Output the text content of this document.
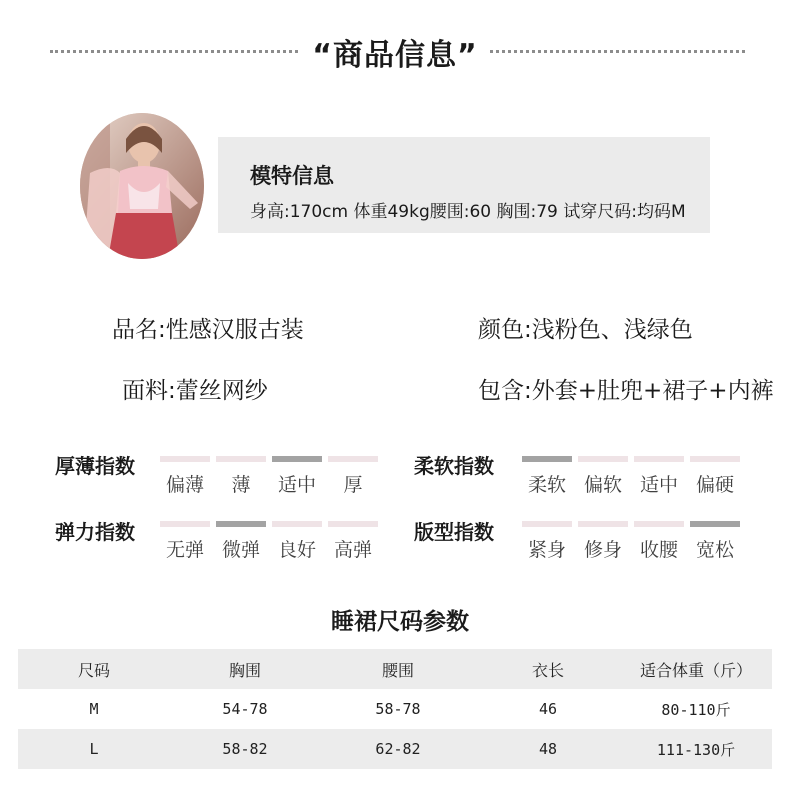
“商品信息”
模特信息
身高:170cm 体重49kg腰围:60 胸围:79 试穿尺码:均码M
品名:性感汉服古装	颜色:浅粉色、浅绿色
面料:蕾丝网纱	包含:外套+肚兜+裙子+内裤
厚薄指数	柔软指数
弹力指数	版型指数
偏薄	薄	适中	厚	柔软 偏软 适中 偏硬
无弹 微弹 良好 高弹	紧身 修身 收腰 宽松
睡裙尺码参数
尺码	胸围	腰围	衣长	适合体重（斤）
M	54-78	58-78	46	80-110斤
L	58-82	62-82	48	111-130斤
